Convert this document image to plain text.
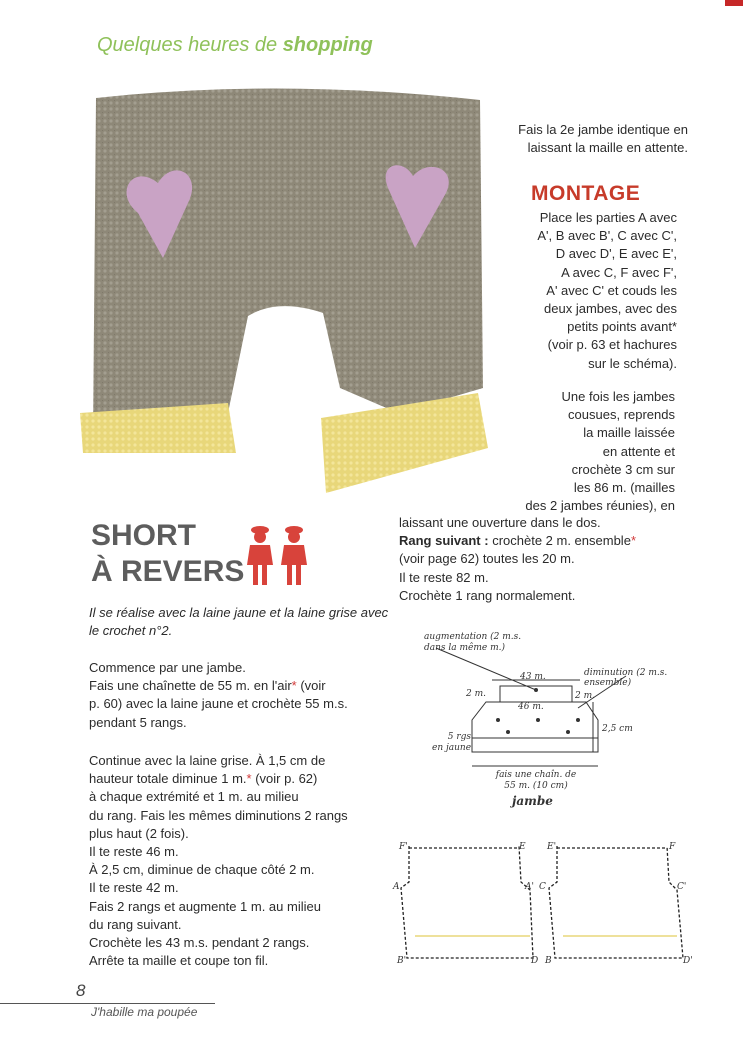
Quelques heures de shopping
Fais la 2e jambe identique en
laissant la maille en attente.
MONTAGE
Place les parties A avec
A', B avec B', C avec C',
D avec D', E avec E',
A avec C, F avec F',
A' avec C' et couds les
deux jambes, avec des
petits points avant*
(voir p. 63 et hachures
sur le schéma).
Une fois les jambes
cousues, reprends
la maille laissée
en attente et
crochète 3 cm sur
les 86 m. (mailles
des 2 jambes réunies), en
laissant une ouverture dans le dos.
Rang suivant : crochète 2 m. ensemble*
(voir page 62) toutes les 20 m.
Il te reste 82 m.
Crochète 1 rang normalement.
SHORT
À REVERS
Il se réalise avec la laine jaune et la laine grise avec le crochet n°2.
Commence par une jambe.
Fais une chaînette de 55 m. en l'air* (voir
p. 60) avec la laine jaune et crochète 55 m.s.
pendant 5 rangs.
Continue avec la laine grise. À 1,5 cm de
hauteur totale diminue 1 m.* (voir p. 62)
à chaque extrémité et 1 m. au milieu
du rang. Fais les mêmes diminutions 2 rangs
plus haut (2 fois).
Il te reste 46 m.
À 2,5 cm, diminue de chaque côté 2 m.
Il te reste 42 m.
Fais 2 rangs et augmente 1 m. au milieu
du rang suivant.
Crochète les 43 m.s. pendant 2 rangs.
Arrête ta maille et coupe ton fil.
augmentation (2 m.s.
dans la même m.)
diminution (2 m.s. ensemble)
43 m.
46 m.
2 m.	2 m.
2,5 cm
5 rgs
en jaune
fais une chaîn. de
55 m. (10 cm)
jambe
F'	E
A	A'
B'	D
E'	F
C	C'
B	D'
8
J'habille ma poupée
